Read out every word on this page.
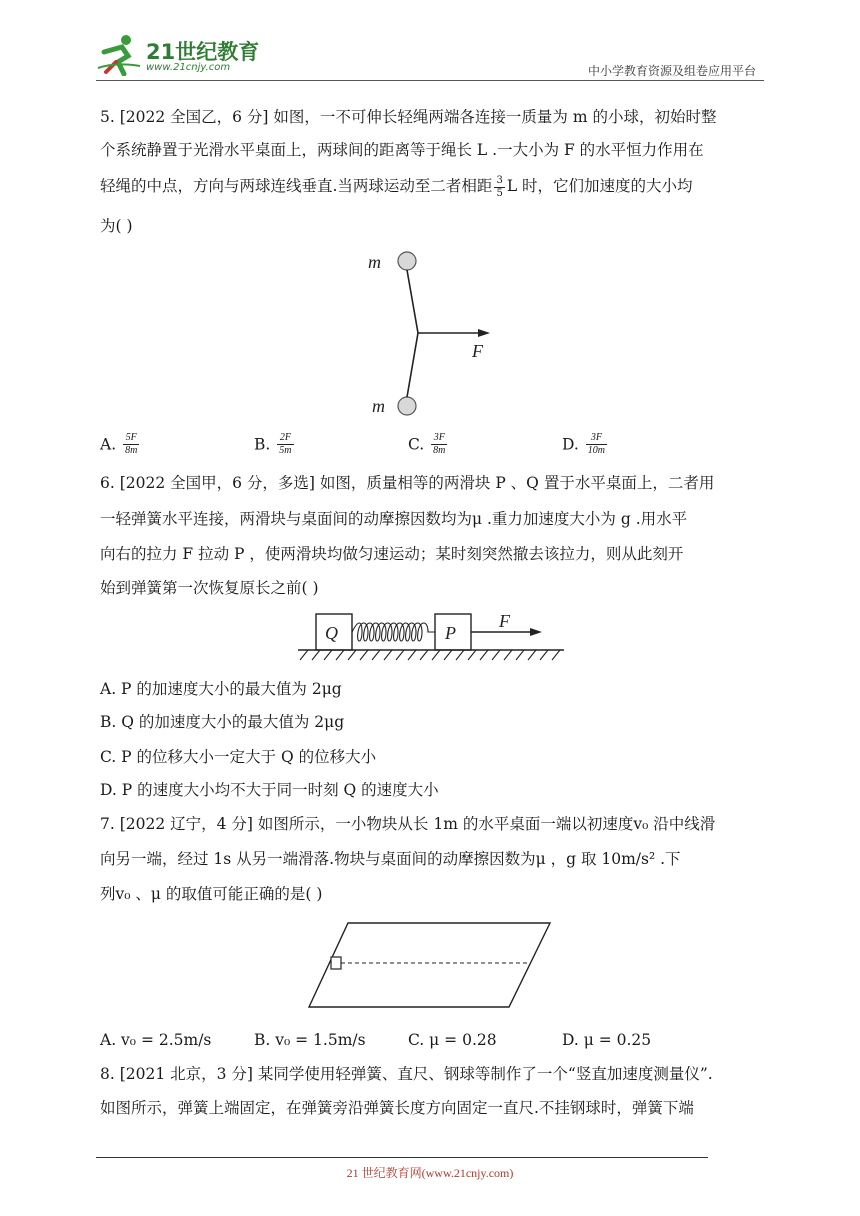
21世纪教育
www.21cnjy.com	中小学教育资源及组卷应用平台
5. [2022 全国乙，6 分] 如图，一不可伸长轻绳两端各连接一质量为 m 的小球，初始时整
个系统静置于光滑水平桌面上，两球间的距离等于绳长 L .一大小为 F 的水平恒力作用在
轻绳的中点，方向与两球连线垂直.当两球运动至二者相距 $\frac{3}{5}$ L 时，它们加速度的大小均
为( )
m
m
F
A. $\frac{5F}{8m}$	B. $\frac{2F}{5m}$	C. $\frac{3F}{8m}$	D. $\frac{3F}{10m}$
6. [2022 全国甲，6 分，多选] 如图，质量相等的两滑块 P 、Q 置于水平桌面上，二者用
一轻弹簧水平连接，两滑块与桌面间的动摩擦因数均为μ .重力加速度大小为 g .用水平
向右的拉力 F 拉动 P ，使两滑块均做匀速运动；某时刻突然撤去该拉力，则从此刻开
始到弹簧第一次恢复原长之前( )
Q	P
F
A. P 的加速度大小的最大值为 2μg
B. Q 的加速度大小的最大值为 2μg
C. P 的位移大小一定大于 Q 的位移大小
D. P 的速度大小均不大于同一时刻 Q 的速度大小
7. [2022 辽宁，4 分] 如图所示，一小物块从长 1m 的水平桌面一端以初速度v₀ 沿中线滑
向另一端，经过 1s 从另一端滑落.物块与桌面间的动摩擦因数为μ ，g 取 10m/s² .下
列v₀ 、μ 的取值可能正确的是( )
A. v₀ = 2.5m/s	B. v₀ = 1.5m/s	C. μ = 0.28	D. μ = 0.25
8. [2021 北京，3 分] 某同学使用轻弹簧、直尺、钢球等制作了一个“竖直加速度测量仪”.
如图所示，弹簧上端固定，在弹簧旁沿弹簧长度方向固定一直尺.不挂钢球时，弹簧下端
21 世纪教育网(www.21cnjy.com)
